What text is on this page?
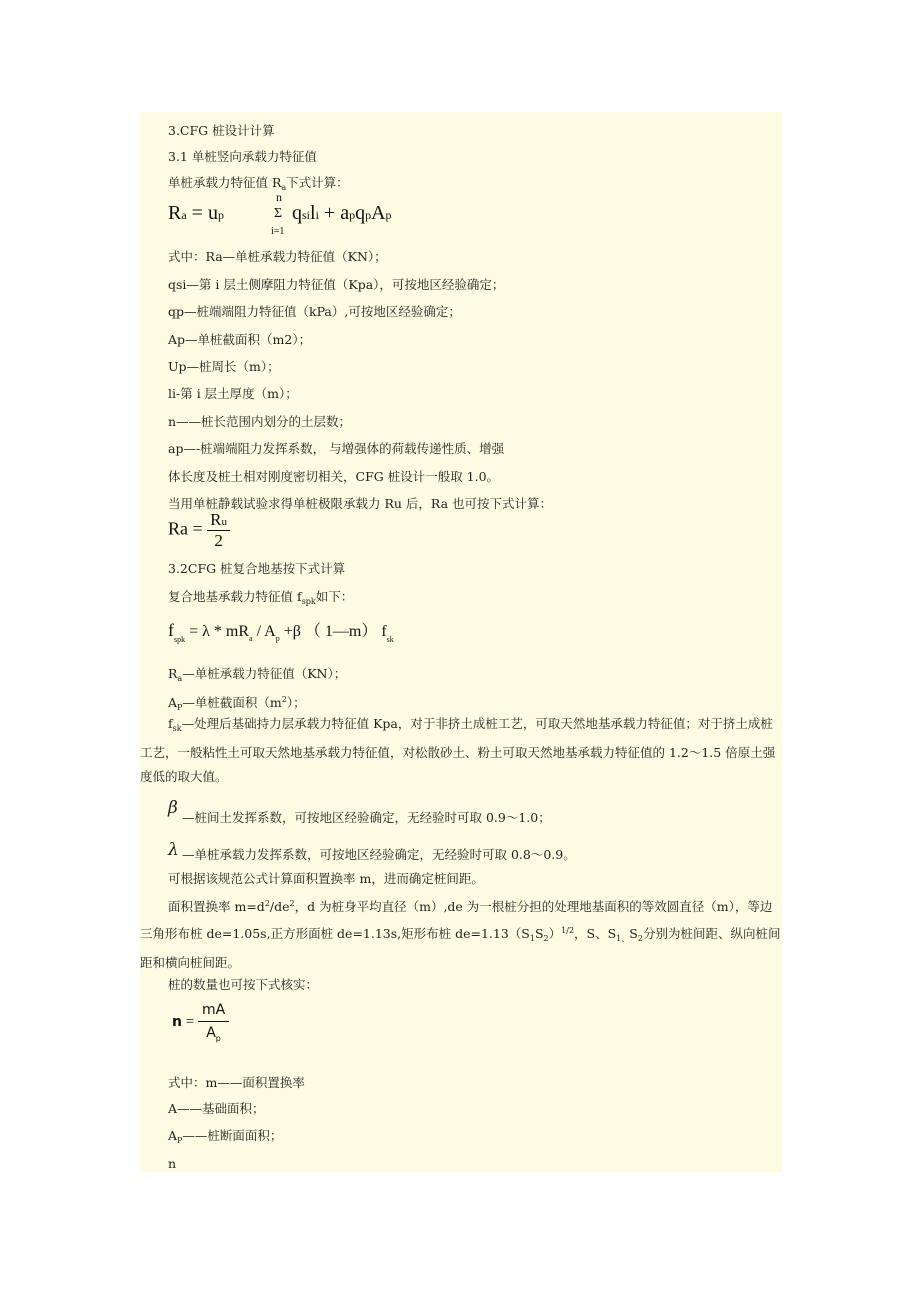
3.CFG 桩设计计算
3.1 单桩竖向承载力特征值
单桩承载力特征值 $R_a$下式计算：
Ra = up
n
Σ
i=1
qsili + apqpAp
式中：Ra—单桩承载力特征值（KN）；
qsi—第 i 层土侧摩阻力特征值（Kpa），可按地区经验确定；
qp—桩端端阻力特征值（kPa）,可按地区经验确定；
Ap—单桩截面积（m2）；
Up—桩周长（m）；
li-第 i 层土厚度（m）；
n——桩长范围内划分的土层数；
ap—-桩端端阻力发挥系数， 与增强体的荷载传递性质、增强
体长度及桩土相对刚度密切相关，CFG 桩设计一般取 1.0。
当用单桩静载试验求得单桩极限承载力 Ru 后，Ra 也可按下式计算：
$Ra = \frac{Ru}{2}$
3.2CFG 桩复合地基按下式计算
复合地基承载力特征值 $f_{spk}$如下：
$f_{spk} = \lambda * mR_a / A_p +\beta$ （ 1—m） $f_{sk}$
$R_a—$单桩承载力特征值（KN）；
$A_P—$单桩截面积$(m^2)$；
$f_{sk}—$处理后基础持力层承载力特征值 Kpa，对于非挤土成桩工艺，可取天然地基承载力特征值；对于挤土成桩工艺，一般粘性土可取天然地基承载力特征值，对松散砂土、粉土可取天然地基承载力特征值的 1.2～1.5 倍原土强度低的取大值。
β —桩间土发挥系数，可按地区经验确定，无经验时可取 0.9～1.0；
λ —单桩承载力发挥系数，可按地区经验确定，无经验时可取 0.8～0.9。
可根据该规范公式计算面积置换率 m，进而确定桩间距。
面积置换率 $m=d^2/de^2$，d 为桩身平均直径（m）,de 为一根桩分担的处理地基面积的等效圆直径（m），等边三角形布桩 de=1.05s,正方形面桩 de=1.13s,矩形布桩 $de=1.13(S_1S_2)^{1/2}$，S、$S_{1、}S_2$分别为桩间距、纵向桩间距和横向桩间距。
桩的数量也可按下式核实：
$n = \frac{mA}{A_p}$
式中：m——面积置换率
A——基础面积；
$A_P——$桩断面面积；
n
